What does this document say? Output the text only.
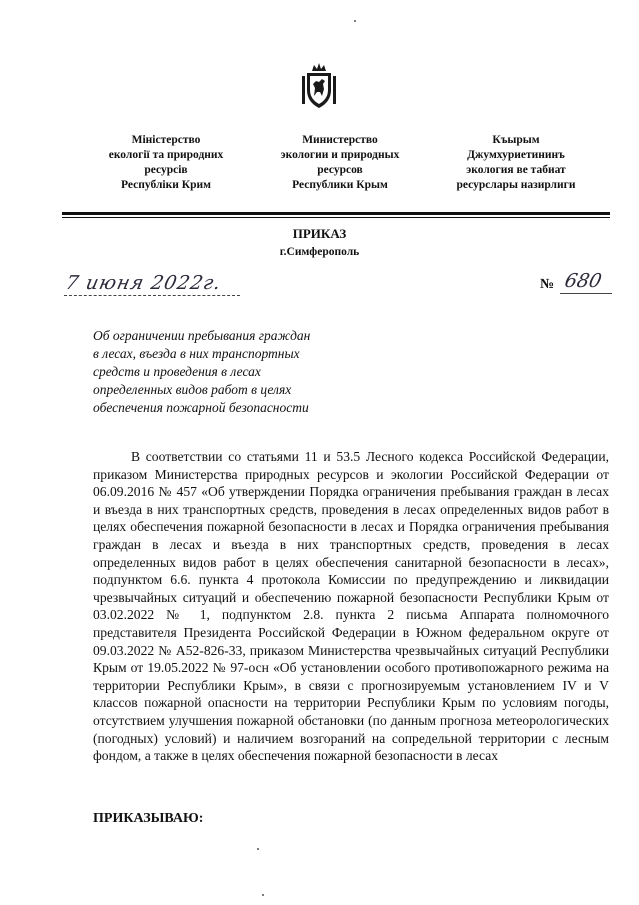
Міністерство
екології та природних
ресурсів
Республіки Крим
Министерство
экологии и природных
ресурсов
Республики Крым
Къырым
Джумхуриетининъ
экология ве табиат
ресурслары назирлиги
ПРИКАЗ
г.Симферополь
7 июня 2022г.	№ 680
Об ограничении пребывания граждан
в лесах, въезда в них транспортных
средств и проведения в лесах
определенных видов работ в целях
обеспечения пожарной безопасности
В соответствии со статьями 11 и 53.5 Лесного кодекса Российской Федерации, приказом Министерства природных ресурсов и экологии Российской Федерации от 06.09.2016 № 457 «Об утверждении Порядка ограничения пребывания граждан в лесах и въезда в них транспортных средств, проведения в лесах определенных видов работ в целях обеспечения пожарной безопасности в лесах и Порядка ограничения пребывания граждан в лесах и въезда в них транспортных средств, проведения в лесах определенных видов работ в целях обеспечения санитарной безопасности в лесах», подпунктом 6.6. пункта 4 протокола Комиссии по предупреждению и ликвидации чрезвычайных ситуаций и обеспечению пожарной безопасности Республики Крым от 03.02.2022 № 1, подпунктом 2.8. пункта 2 письма Аппарата полномочного представителя Президента Российской Федерации в Южном федеральном округе от 09.03.2022 № А52-826-33, приказом Министерства чрезвычайных ситуаций Республики Крым от 19.05.2022 № 97-осн «Об установлении особого противопожарного режима на территории Республики Крым», в связи с прогнозируемым установлением IV и V классов пожарной опасности на территории Республики Крым по условиям погоды, отсутствием улучшения пожарной обстановки (по данным прогноза метеорологических (погодных) условий) и наличием возгораний на сопредельной территории с лесным фондом, а также в целях обеспечения пожарной безопасности в лесах
ПРИКАЗЫВАЮ:
